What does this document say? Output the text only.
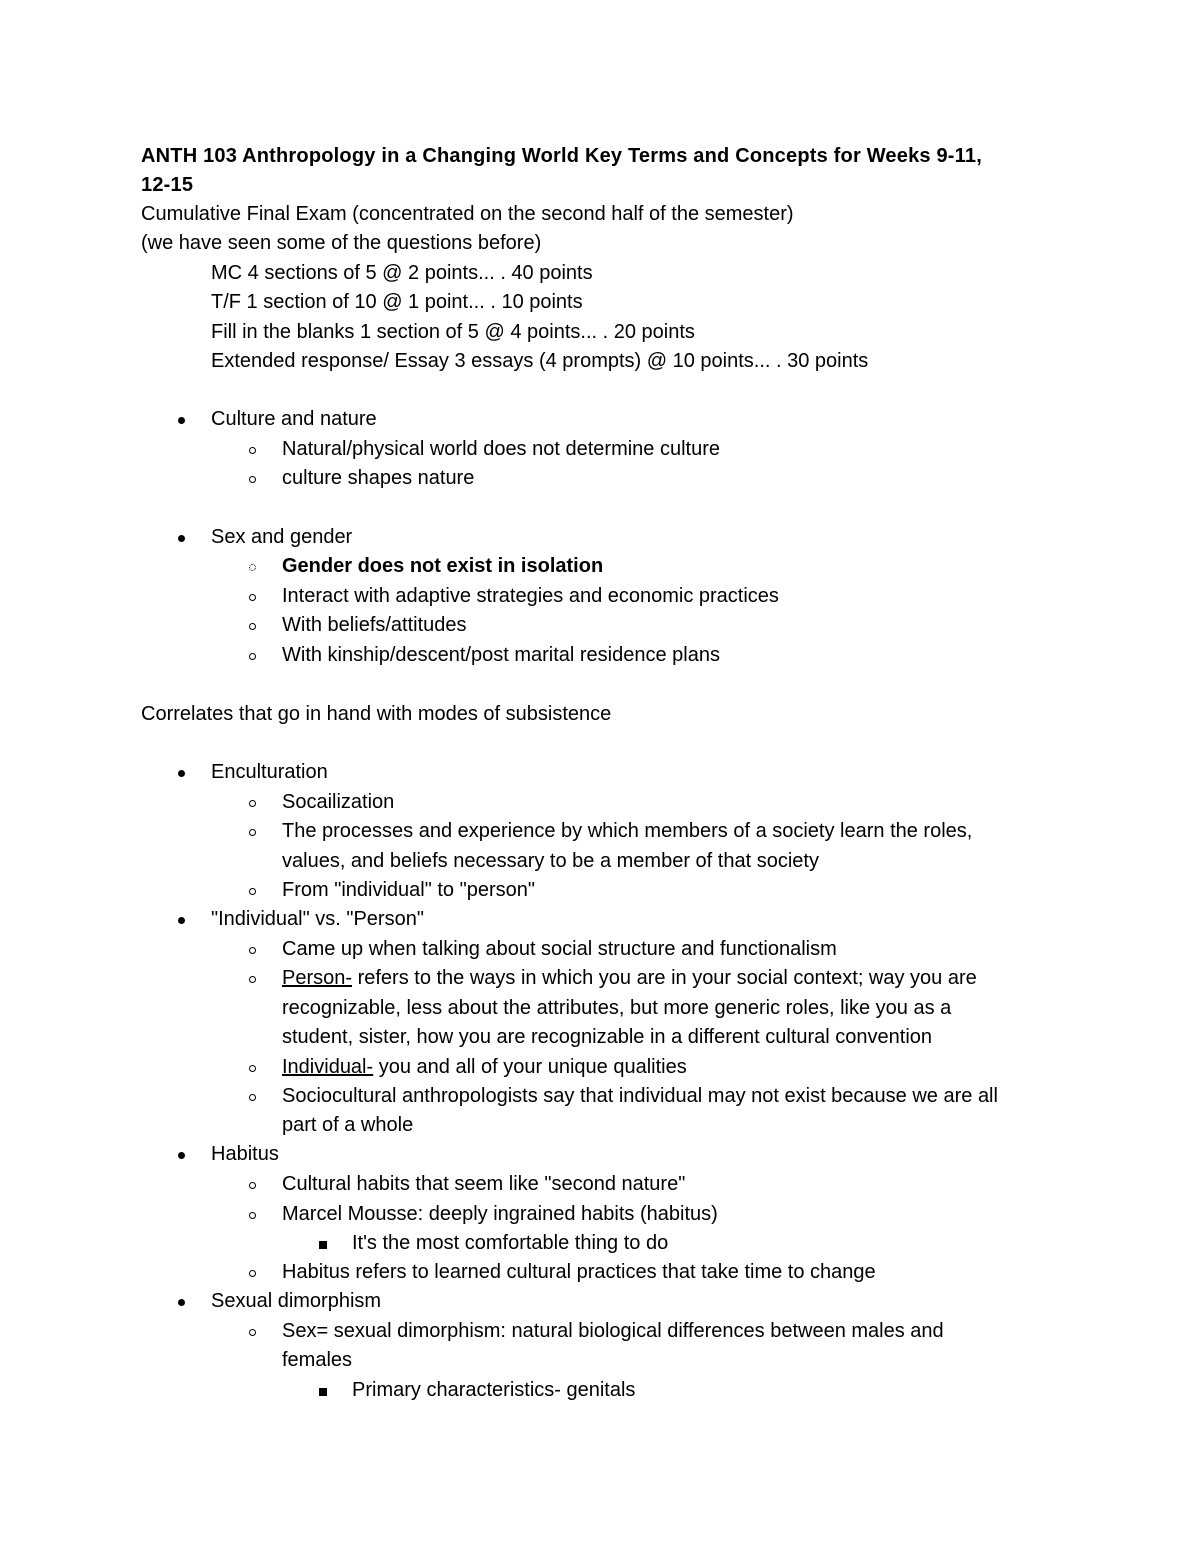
ANTH 103 Anthropology in a Changing World Key Terms and Concepts for Weeks 9-11,
12-15
Cumulative Final Exam (concentrated on the second half of the semester)
(we have seen some of the questions before)
MC 4 sections of 5 @ 2 points... . 40 points
T/F 1 section of 10 @ 1 point... . 10 points
Fill in the blanks 1 section of 5 @ 4 points... . 20 points
Extended response/ Essay 3 essays (4 prompts) @ 10 points... . 30 points
Culture and nature
Natural/physical world does not determine culture
culture shapes nature
Sex and gender
Gender does not exist in isolation
Interact with adaptive strategies and economic practices
With beliefs/attitudes
With kinship/descent/post marital residence plans
Correlates that go in hand with modes of subsistence
Enculturation
Socailization
The processes and experience by which members of a society learn the roles,
values, and beliefs necessary to be a member of that society
From "individual" to "person"
"Individual" vs. "Person"
Came up when talking about social structure and functionalism
Person- refers to the ways in which you are in your social context; way you are
recognizable, less about the attributes, but more generic roles, like you as a
student, sister, how you are recognizable in a different cultural convention
Individual- you and all of your unique qualities
Sociocultural anthropologists say that individual may not exist because we are all
part of a whole
Habitus
Cultural habits that seem like "second nature"
Marcel Mousse: deeply ingrained habits (habitus)
It's the most comfortable thing to do
Habitus refers to learned cultural practices that take time to change
Sexual dimorphism
Sex= sexual dimorphism: natural biological differences between males and
females
Primary characteristics- genitals
